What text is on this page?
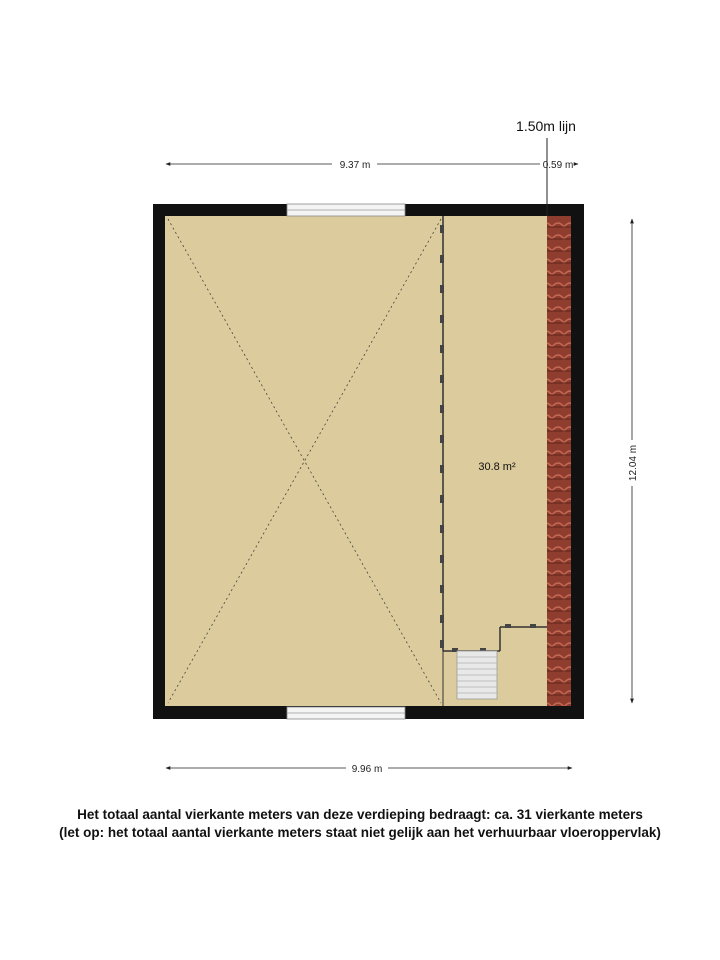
30.8 m²
1.50m lijn
9.37 m	0.59 m
9.96 m
12.04 m
Het totaal aantal vierkante meters van deze verdieping bedraagt: ca. 31 vierkante meters
(let op: het totaal aantal vierkante meters staat niet gelijk aan het verhuurbaar vloeroppervlak)
